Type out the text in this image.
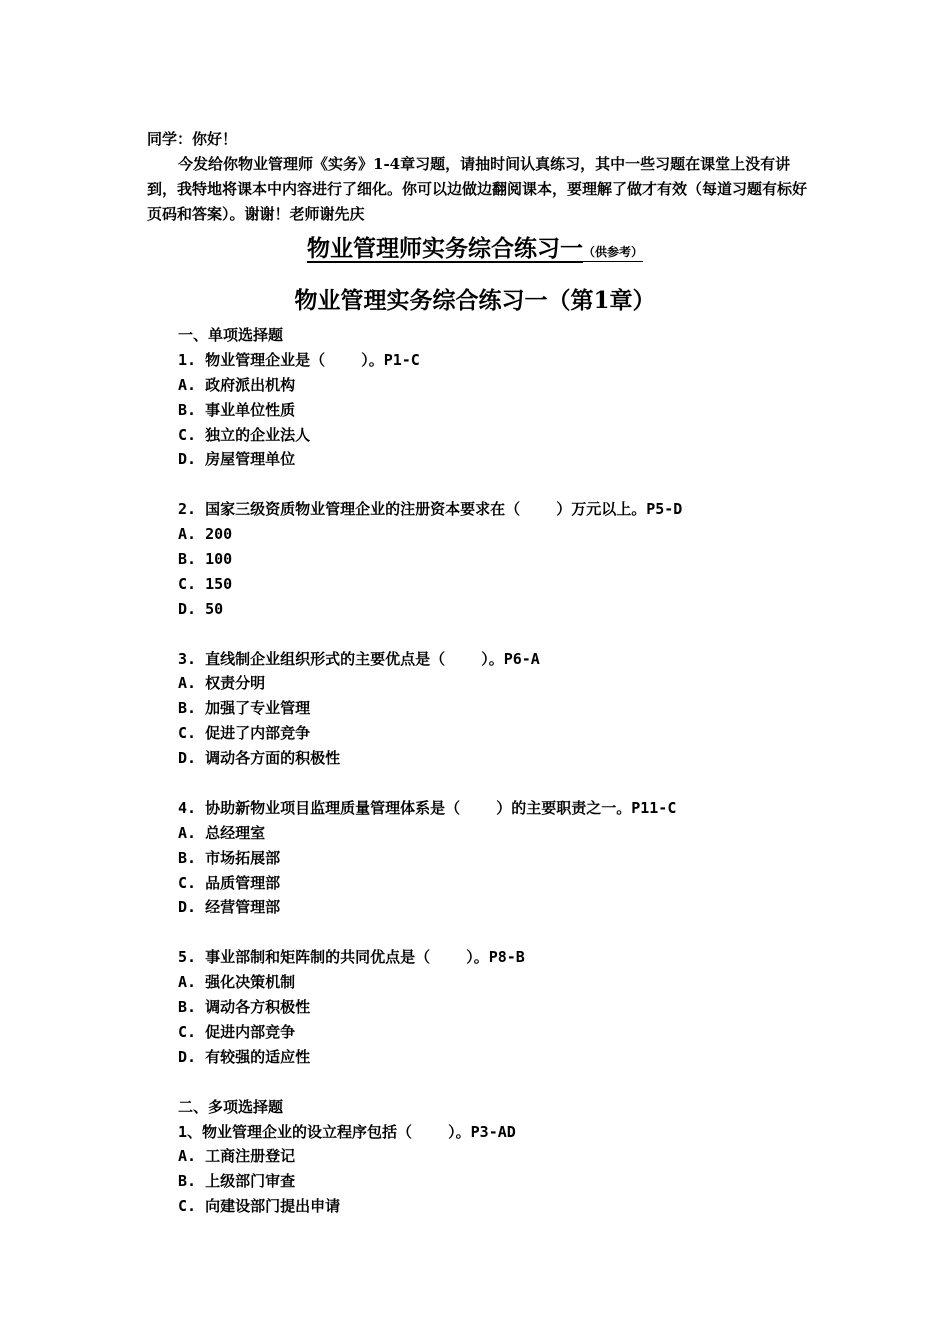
同学：你好！
今发给你物业管理师《实务》1-4章习题，请抽时间认真练习，其中一些习题在课堂上没有讲到，我特地将课本中内容进行了细化。你可以边做边翻阅课本，要理解了做才有效（每道习题有标好页码和答案）。谢谢！老师谢先庆
物业管理师实务综合练习一（供参考）
物业管理实务综合练习一（第1章）
一、单项选择题
1. 物业管理企业是（    ）。P1-C
A. 政府派出机构
B. 事业单位性质
C. 独立的企业法人
D. 房屋管理单位
2. 国家三级资质物业管理企业的注册资本要求在（    ）万元以上。P5-D
A. 200
B. 100
C. 150
D. 50
3. 直线制企业组织形式的主要优点是（    ）。P6-A
A. 权责分明
B. 加强了专业管理
C. 促进了内部竞争
D. 调动各方面的积极性
4. 协助新物业项目监理质量管理体系是（    ）的主要职责之一。P11-C
A. 总经理室
B. 市场拓展部
C. 品质管理部
D. 经营管理部
5. 事业部制和矩阵制的共同优点是（    ）。P8-B
A. 强化决策机制
B. 调动各方积极性
C. 促进内部竞争
D. 有较强的适应性
二、多项选择题
1、物业管理企业的设立程序包括（    ）。P3-AD
A. 工商注册登记
B. 上级部门审查
C. 向建设部门提出申请
